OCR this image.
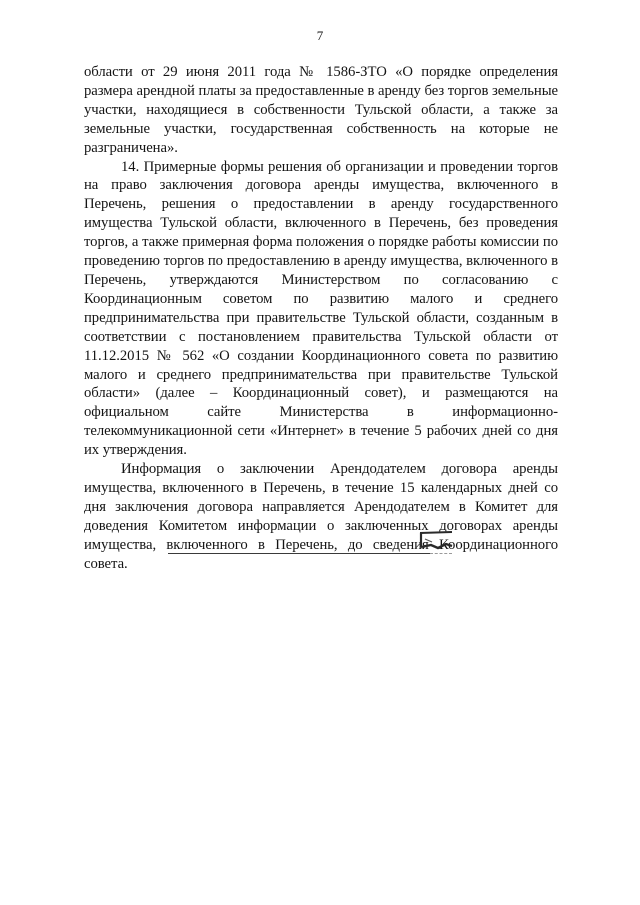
7

области от 29 июня 2011 года № 1586-ЗТО «О порядке определения размера арендной платы за предоставленные в аренду без торгов земельные участки, находящиеся в собственности Тульской области, а также за земельные участки, государственная собственность на которые не разграничена».

14. Примерные формы решения об организации и проведении торгов на право заключения договора аренды имущества, включенного в Перечень, решения о предоставлении в аренду государственного имущества Тульской области, включенного в Перечень, без проведения торгов, а также примерная форма положения о порядке работы комиссии по проведению торгов по предоставлению в аренду имущества, включенного в Перечень, утверждаются Министерством по согласованию с Координационным советом по развитию малого и среднего предпринимательства при правительстве Тульской области, созданным в соответствии с постановлением правительства Тульской области от 11.12.2015 № 562 «О создании Координационного совета по развитию малого и среднего предпринимательства при правительстве Тульской области» (далее – Координационный совет), и размещаются на официальном сайте Министерства в информационно-телекоммуникационной сети «Интернет» в течение 5 рабочих дней со дня их утверждения.

Информация о заключении Арендодателем договора аренды имущества, включенного в Перечень, в течение 15 календарных дней со дня заключения договора направляется Арендодателем в Комитет для доведения Комитетом информации о заключенных договорах аренды имущества, включенного в Перечень, до сведения Координационного совета.
